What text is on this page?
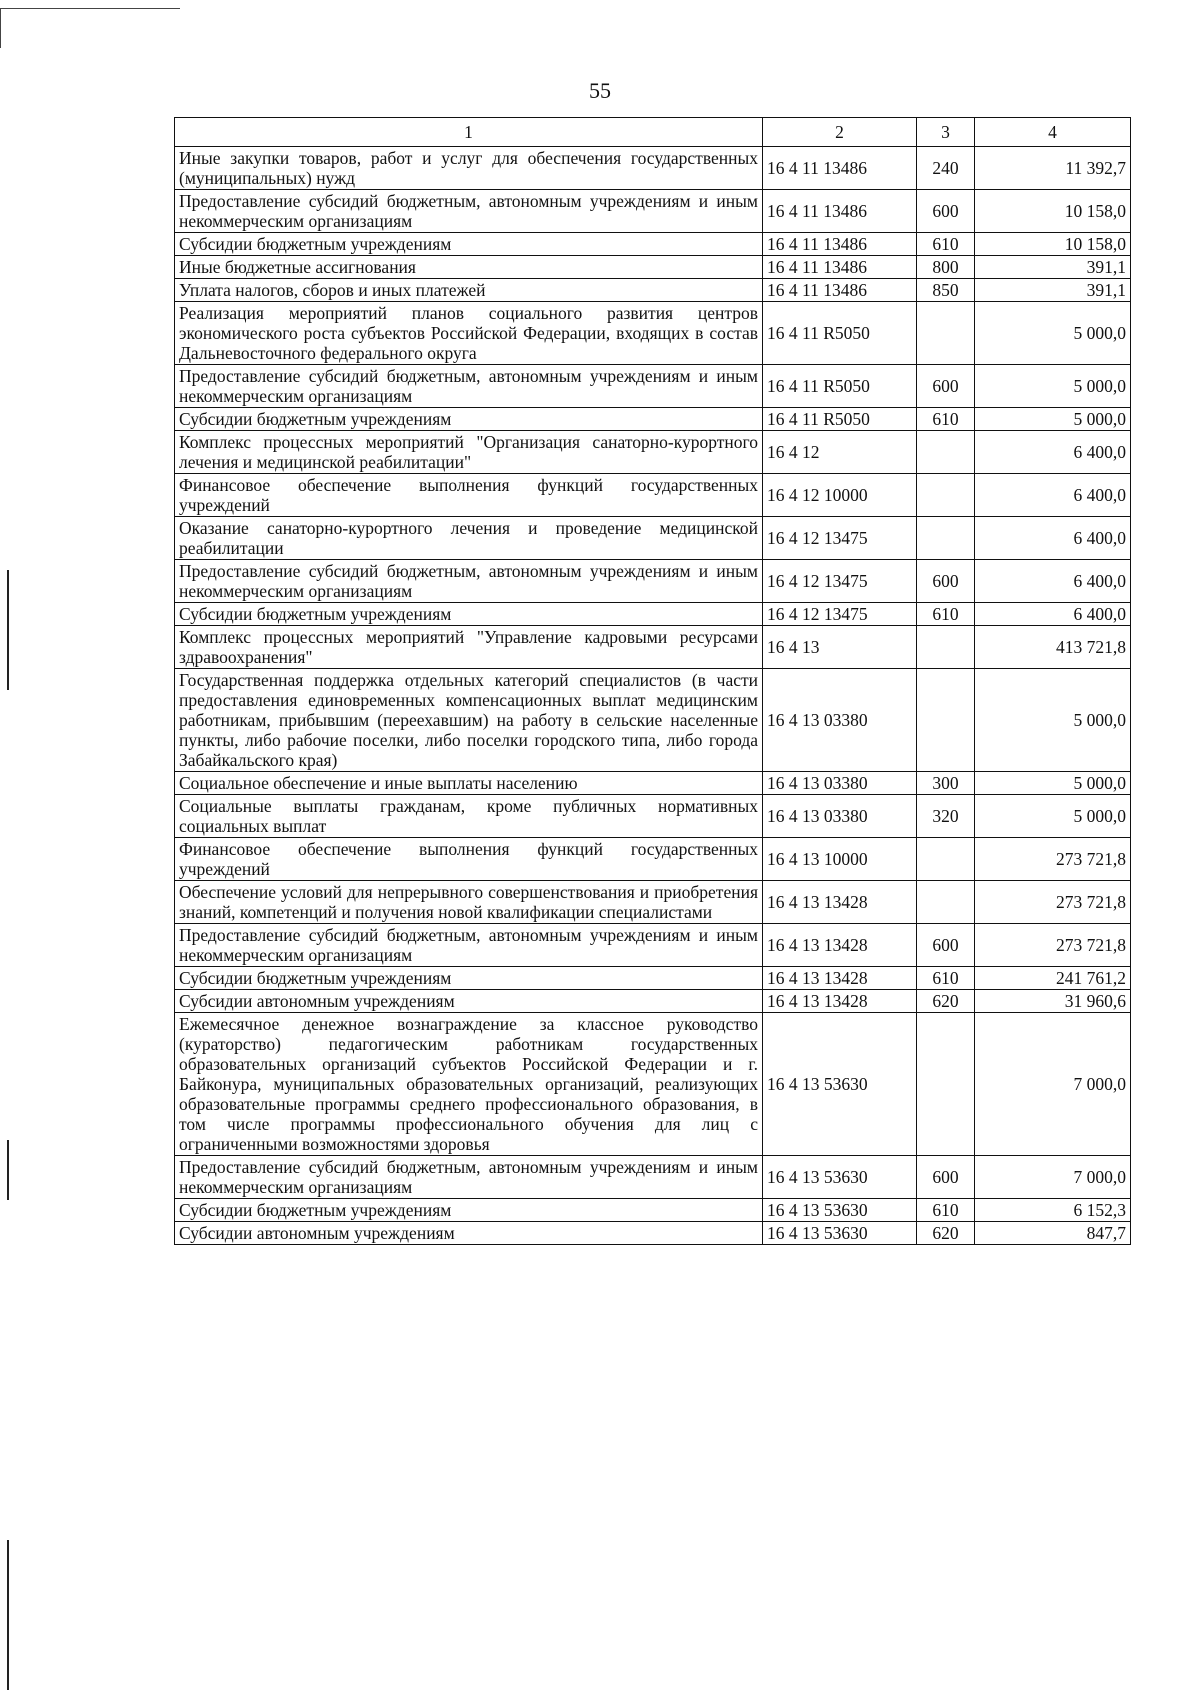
55
1	2	3	4
Иные закупки товаров, работ и услуг для обеспечения государственных (муниципальных) нужд	16 4 11 13486	240	11 392,7
Предоставление субсидий бюджетным, автономным учреждениям и иным некоммерческим организациям	16 4 11 13486	600	10 158,0
Субсидии бюджетным учреждениям	16 4 11 13486	610	10 158,0
Иные бюджетные ассигнования	16 4 11 13486	800	391,1
Уплата налогов, сборов и иных платежей	16 4 11 13486	850	391,1
Реализация мероприятий планов социального развития центров экономического роста субъектов Российской Федерации, входящих в состав Дальневосточного федерального округа	16 4 11 R5050		5 000,0
Предоставление субсидий бюджетным, автономным учреждениям и иным некоммерческим организациям	16 4 11 R5050	600	5 000,0
Субсидии бюджетным учреждениям	16 4 11 R5050	610	5 000,0
Комплекс процессных мероприятий "Организация санаторно-курортного лечения и медицинской реабилитации"	16 4 12		6 400,0
Финансовое обеспечение выполнения функций государственных учреждений	16 4 12 10000		6 400,0
Оказание санаторно-курортного лечения и проведение медицинской реабилитации	16 4 12 13475		6 400,0
Предоставление субсидий бюджетным, автономным учреждениям и иным некоммерческим организациям	16 4 12 13475	600	6 400,0
Субсидии бюджетным учреждениям	16 4 12 13475	610	6 400,0
Комплекс процессных мероприятий "Управление кадровыми ресурсами здравоохранения"	16 4 13		413 721,8
Государственная поддержка отдельных категорий специалистов (в части предоставления единовременных компенсационных выплат медицинским работникам, прибывшим (переехавшим) на работу в сельские населенные пункты, либо рабочие поселки, либо поселки городского типа, либо города Забайкальского края)	16 4 13 03380		5 000,0
Социальное обеспечение и иные выплаты населению	16 4 13 03380	300	5 000,0
Социальные выплаты гражданам, кроме публичных нормативных социальных выплат	16 4 13 03380	320	5 000,0
Финансовое обеспечение выполнения функций государственных учреждений	16 4 13 10000		273 721,8
Обеспечение условий для непрерывного совершенствования и приобретения знаний, компетенций и получения новой квалификации специалистами	16 4 13 13428		273 721,8
Предоставление субсидий бюджетным, автономным учреждениям и иным некоммерческим организациям	16 4 13 13428	600	273 721,8
Субсидии бюджетным учреждениям	16 4 13 13428	610	241 761,2
Субсидии автономным учреждениям	16 4 13 13428	620	31 960,6
Ежемесячное денежное вознаграждение за классное руководство (кураторство) педагогическим работникам государственных образовательных организаций субъектов Российской Федерации и г. Байконура, муниципальных образовательных организаций, реализующих образовательные программы среднего профессионального образования, в том числе программы профессионального обучения для лиц с ограниченными возможностями здоровья	16 4 13 53630		7 000,0
Предоставление субсидий бюджетным, автономным учреждениям и иным некоммерческим организациям	16 4 13 53630	600	7 000,0
Субсидии бюджетным учреждениям	16 4 13 53630	610	6 152,3
Субсидии автономным учреждениям	16 4 13 53630	620	847,7
